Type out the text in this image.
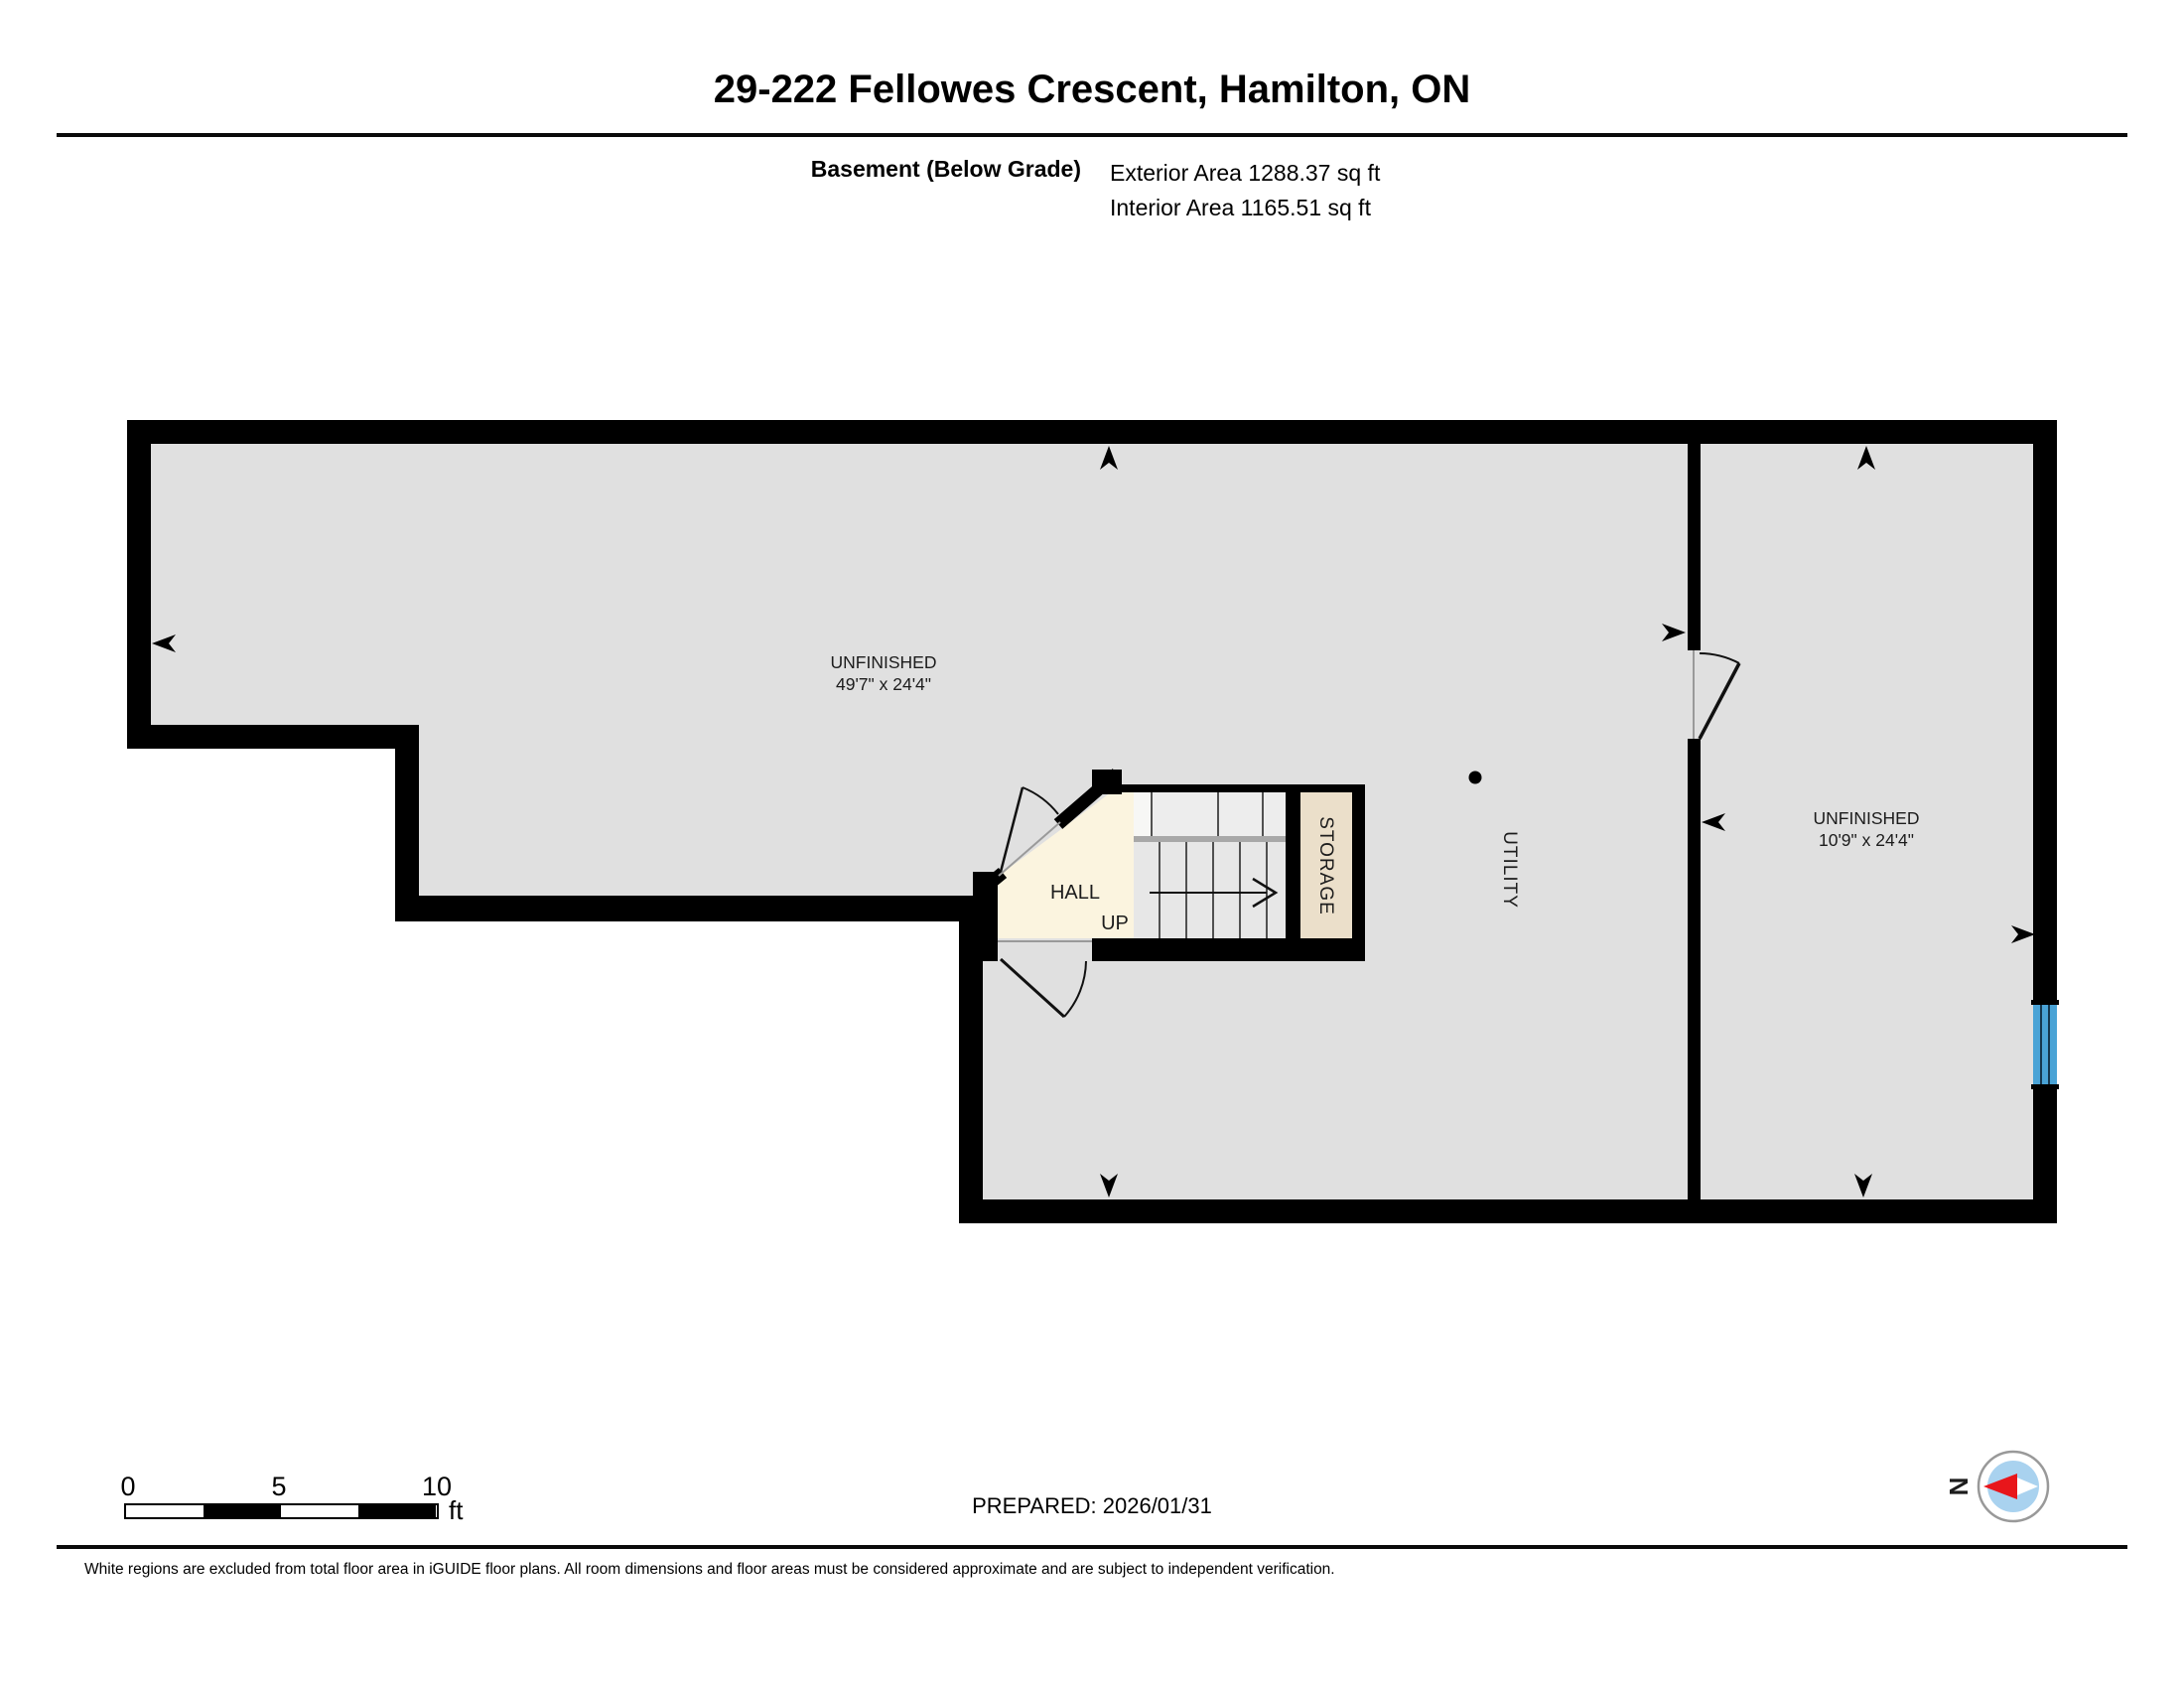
29-222 Fellowes Crescent, Hamilton, ON
Basement (Below Grade) Exterior Area 1288.37 sq ft
Interior Area 1165.51 sq ft
UNFINISHED
49'7" x 24'4"
UNFINISHED
10'9" x 24'4"
HALL
UP
STORAGE	UTILITY
N
0	5	10
ft	PREPARED: 2026/01/31
White regions are excluded from total floor area in iGUIDE floor plans. All room dimensions and floor areas must be considered approximate and are subject to independent verification.
